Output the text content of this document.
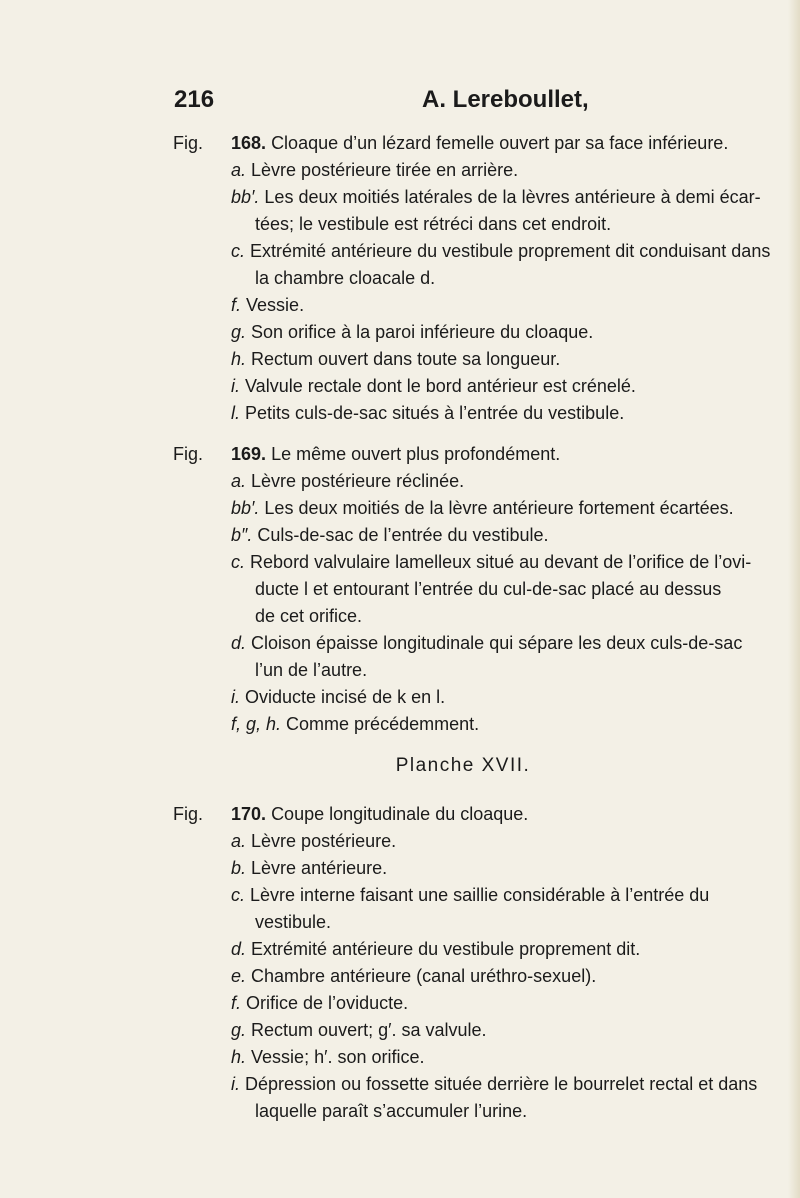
216	A. Lereboullet,
Fig. 168. Cloaque d’un lézard femelle ouvert par sa face inférieure.
a. Lèvre postérieure tirée en arrière.
bb′. Les deux moitiés latérales de la lèvres antérieure à demi écar-
tées; le vestibule est rétréci dans cet endroit.
c. Extrémité antérieure du vestibule proprement dit conduisant dans
la chambre cloacale d.
f. Vessie.
g. Son orifice à la paroi inférieure du cloaque.
h. Rectum ouvert dans toute sa longueur.
i. Valvule rectale dont le bord antérieur est crénelé.
l. Petits culs-de-sac situés à l’entrée du vestibule.
Fig. 169. Le même ouvert plus profondément.
a. Lèvre postérieure réclinée.
bb′. Les deux moitiés de la lèvre antérieure fortement écartées.
b″. Culs-de-sac de l’entrée du vestibule.
c. Rebord valvulaire lamelleux situé au devant de l’orifice de l’ovi-
ducte l et entourant l’entrée du cul-de-sac placé au dessus
de cet orifice.
d. Cloison épaisse longitudinale qui sépare les deux culs-de-sac
l’un de l’autre.
i. Oviducte incisé de k en l.
f, g, h. Comme précédemment.
Planche XVII.
Fig. 170. Coupe longitudinale du cloaque.
a. Lèvre postérieure.
b. Lèvre antérieure.
c. Lèvre interne faisant une saillie considérable à l’entrée du
vestibule.
d. Extrémité antérieure du vestibule proprement dit.
e. Chambre antérieure (canal uréthro-sexuel).
f. Orifice de l’oviducte.
g. Rectum ouvert; g′. sa valvule.
h. Vessie; h′. son orifice.
i. Dépression ou fossette située derrière le bourrelet rectal et dans
laquelle paraît s’accumuler l’urine.
